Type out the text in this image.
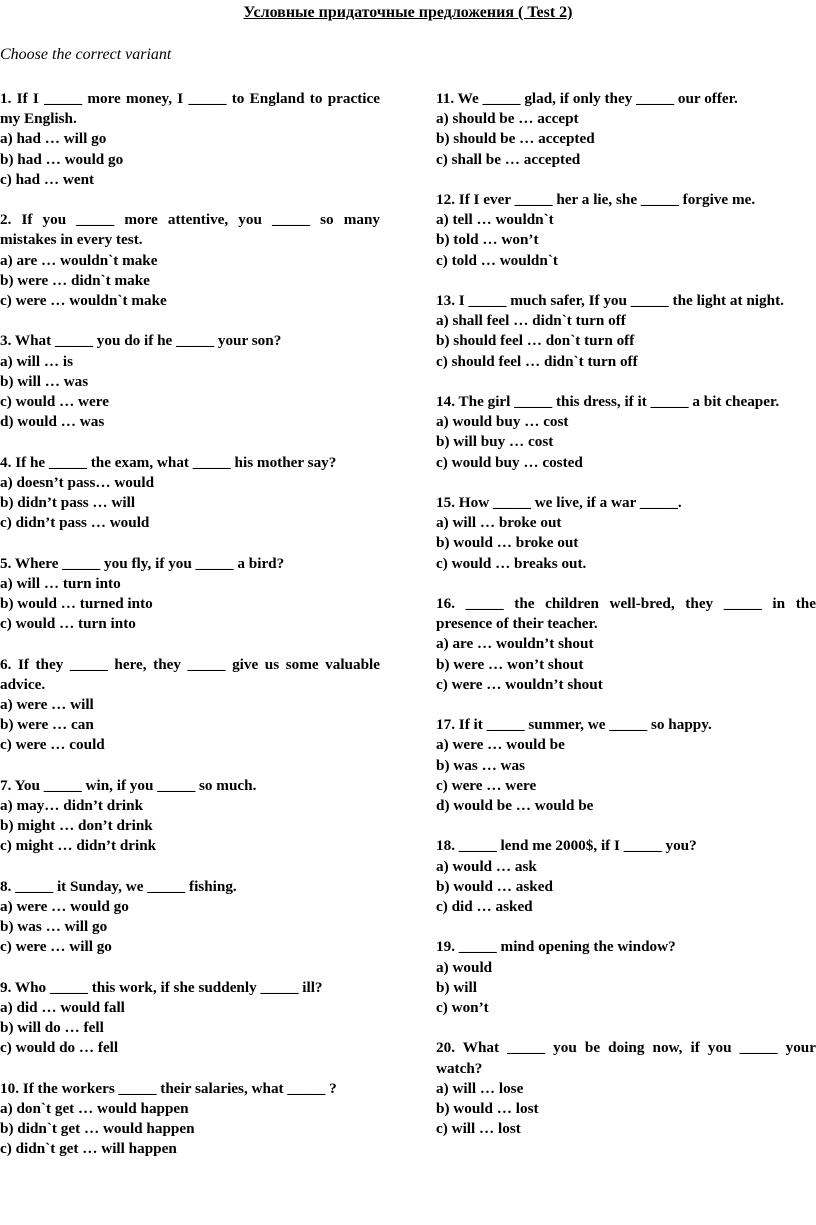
Условные придаточные предложения ( Test 2)
Choose the correct variant
1. If I _____ more money, I _____ to England to practice my English.
a) had … will go
b) had … would go
c) had … went
2. If you _____ more attentive, you _____ so many mistakes in every test.
a) are … wouldn`t make
b) were … didn`t make
c) were … wouldn`t make
3. What _____ you do if he _____ your son?
a) will … is
b) will … was
c) would … were
d) would … was
4. If he _____ the exam, what _____ his mother say?
a) doesn’t pass… would
b) didn’t pass … will
c) didn’t pass … would
5. Where _____ you fly, if you _____ a bird?
a) will … turn into
b) would … turned into
c) would … turn into
6. If they _____ here, they _____ give us some valuable advice.
a) were … will
b) were … can
c) were … could
7. You _____ win, if you _____ so much.
a) may… didn’t drink
b) might … don’t drink
c) might … didn’t drink
8. _____ it Sunday, we _____ fishing.
a) were … would go
b) was … will go
c) were … will go
9. Who _____ this work, if she suddenly _____ ill?
a) did … would fall
b) will do … fell
c) would do … fell
10. If the workers _____ their salaries, what _____ ?
a) don`t get … would happen
b) didn`t get … would happen
c) didn`t get … will happen
11. We _____ glad, if only they _____ our offer.
a) should be … accept
b) should be … accepted
c) shall be … accepted
12. If I ever _____ her a lie, she _____ forgive me.
a) tell … wouldn`t
b) told … won’t
c) told … wouldn`t
13. I _____ much safer, If you _____ the light at night.
a) shall feel … didn`t turn off
b) should feel … don`t turn off
c) should feel … didn`t turn off
14. The girl _____ this dress, if it _____ a bit cheaper.
a) would buy … cost
b) will buy … cost
c) would buy … costed
15. How _____ we live, if a war _____.
a) will … broke out
b) would … broke out
c) would … breaks out.
16. _____ the children well-bred, they _____ in the presence of their teacher.
a) are … wouldn’t shout
b) were … won’t shout
c) were … wouldn’t shout
17. If it _____ summer, we _____ so happy.
a) were … would be
b) was … was
c) were … were
d) would be … would be
18. _____ lend me 2000$, if I _____ you?
a) would … ask
b) would … asked
c) did … asked
19. _____ mind opening the window?
a) would
b) will
c) won’t
20. What _____ you be doing now, if you _____ your watch?
a) will … lose
b) would … lost
c) will … lost
